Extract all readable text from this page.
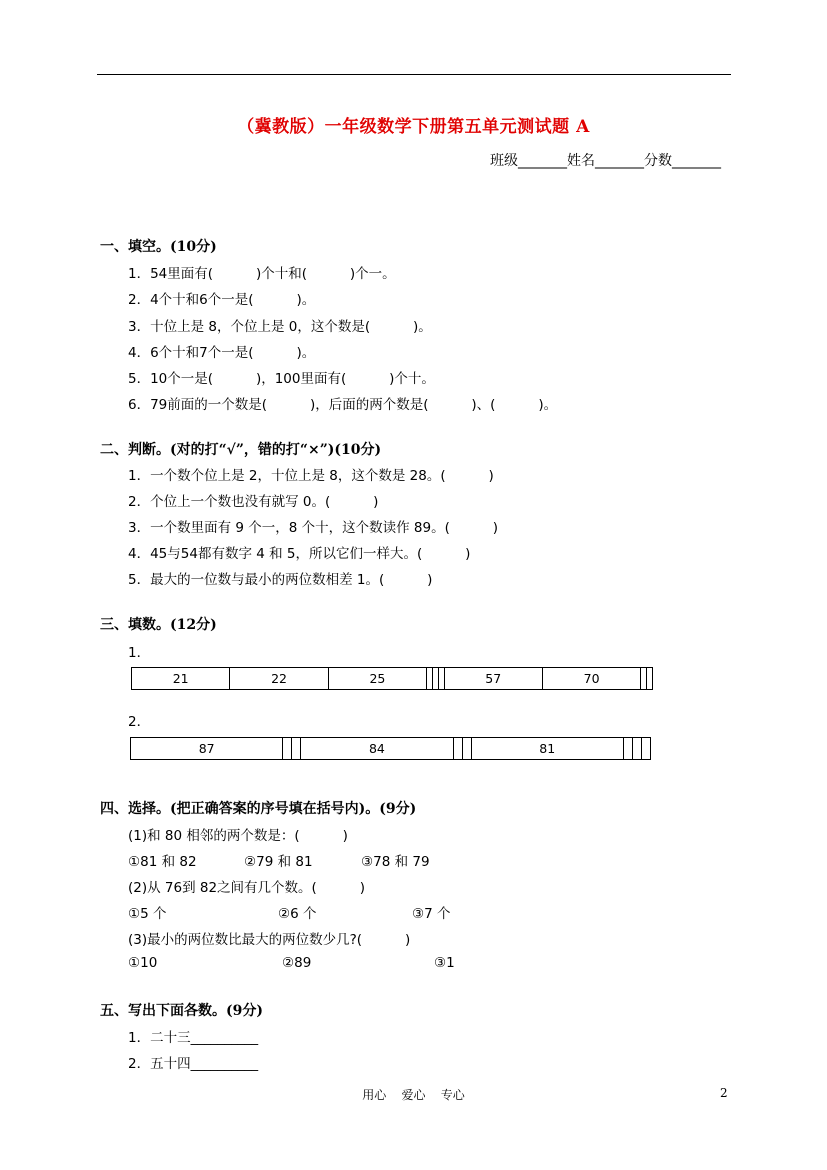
（冀教版）一年级数学下册第五单元测试题 A
班级_______姓名_______分数_______
一、填空。(10分)
1．54里面有(          )个十和(          )个一。
2．4个十和6个一是(          )。
3．十位上是 8，个位上是 0，这个数是(          )。
4．6个十和7个一是(          )。
5．10个一是(          )，100里面有(          )个十。
6．79前面的一个数是(          )，后面的两个数是(          )、(          )。
二、判断。(对的打“√”，错的打“×”)(10分)
1．一个数个位上是 2，十位上是 8，这个数是 28。(          )
2．个位上一个数也没有就写 0。(          )
3．一个数里面有 9 个一，8 个十，这个数读作 89。(          )
4．45与54都有数字 4 和 5，所以它们一样大。(          )
5．最大的一位数与最小的两位数相差 1。(          )
三、填数。(12分)
1．
21	22	25				57	70		
2．
87			84			81			
四、选择。(把正确答案的序号填在括号内)。(9分)
(1)和 80 相邻的两个数是：(          )
①81 和 82	②79 和 81	③78 和 79
(2)从 76到 82之间有几个数。(          )
①5 个	②6 个	③7 个
(3)最小的两位数比最大的两位数少几?(          )
①10	②89	③1
五、写出下面各数。(9分)
1．二十三__________
2．五十四__________
用心    爱心    专心	2
